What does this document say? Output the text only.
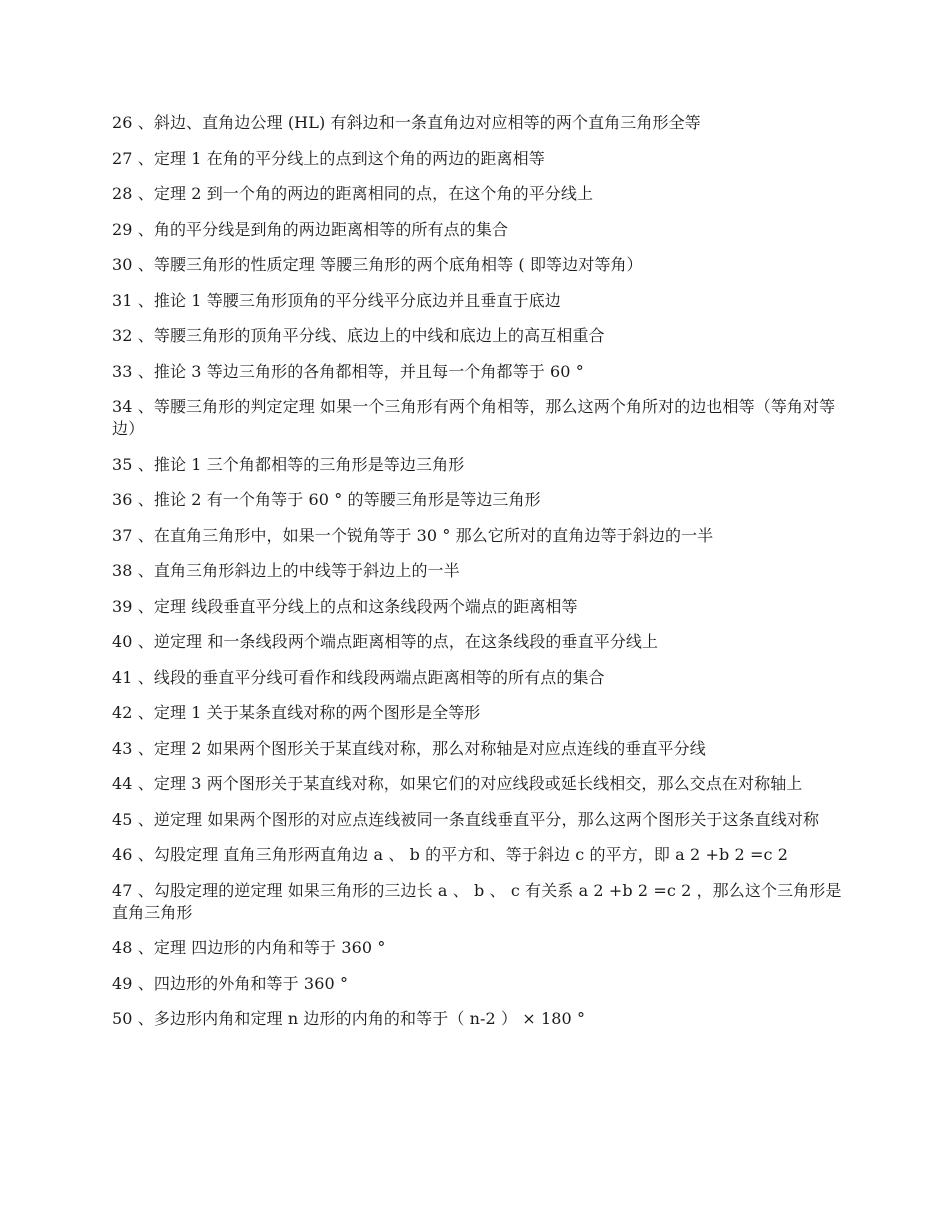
26 、斜边、直角边公理 (HL) 有斜边和一条直角边对应相等的两个直角三角形全等

27 、定理 1 在角的平分线上的点到这个角的两边的距离相等

28 、定理 2 到一个角的两边的距离相同的点，在这个角的平分线上

29 、角的平分线是到角的两边距离相等的所有点的集合

30 、等腰三角形的性质定理 等腰三角形的两个底角相等 ( 即等边对等角）

31 、推论 1 等腰三角形顶角的平分线平分底边并且垂直于底边

32 、等腰三角形的顶角平分线、底边上的中线和底边上的高互相重合

33 、推论 3 等边三角形的各角都相等，并且每一个角都等于 60 °

34 、等腰三角形的判定定理 如果一个三角形有两个角相等，那么这两个角所对的边也相等（等角对等边）

35 、推论 1 三个角都相等的三角形是等边三角形

36 、推论 2 有一个角等于 60 ° 的等腰三角形是等边三角形

37 、在直角三角形中，如果一个锐角等于 30 ° 那么它所对的直角边等于斜边的一半

38 、直角三角形斜边上的中线等于斜边上的一半

39 、定理 线段垂直平分线上的点和这条线段两个端点的距离相等

40 、逆定理 和一条线段两个端点距离相等的点，在这条线段的垂直平分线上

41 、线段的垂直平分线可看作和线段两端点距离相等的所有点的集合

42 、定理 1 关于某条直线对称的两个图形是全等形

43 、定理 2 如果两个图形关于某直线对称，那么对称轴是对应点连线的垂直平分线

44 、定理 3 两个图形关于某直线对称，如果它们的对应线段或延长线相交，那么交点在对称轴上

45 、逆定理 如果两个图形的对应点连线被同一条直线垂直平分，那么这两个图形关于这条直线对称

46 、勾股定理 直角三角形两直角边 a 、 b 的平方和、等于斜边 c 的平方，即 a 2 +b 2 =c 2

47 、勾股定理的逆定理 如果三角形的三边长 a 、 b 、 c 有关系 a 2 +b 2 =c 2 ，那么这个三角形是直角三角形

48 、定理 四边形的内角和等于 360 °

49 、四边形的外角和等于 360 °

50 、多边形内角和定理 n 边形的内角的和等于（ n-2 ） × 180 °
